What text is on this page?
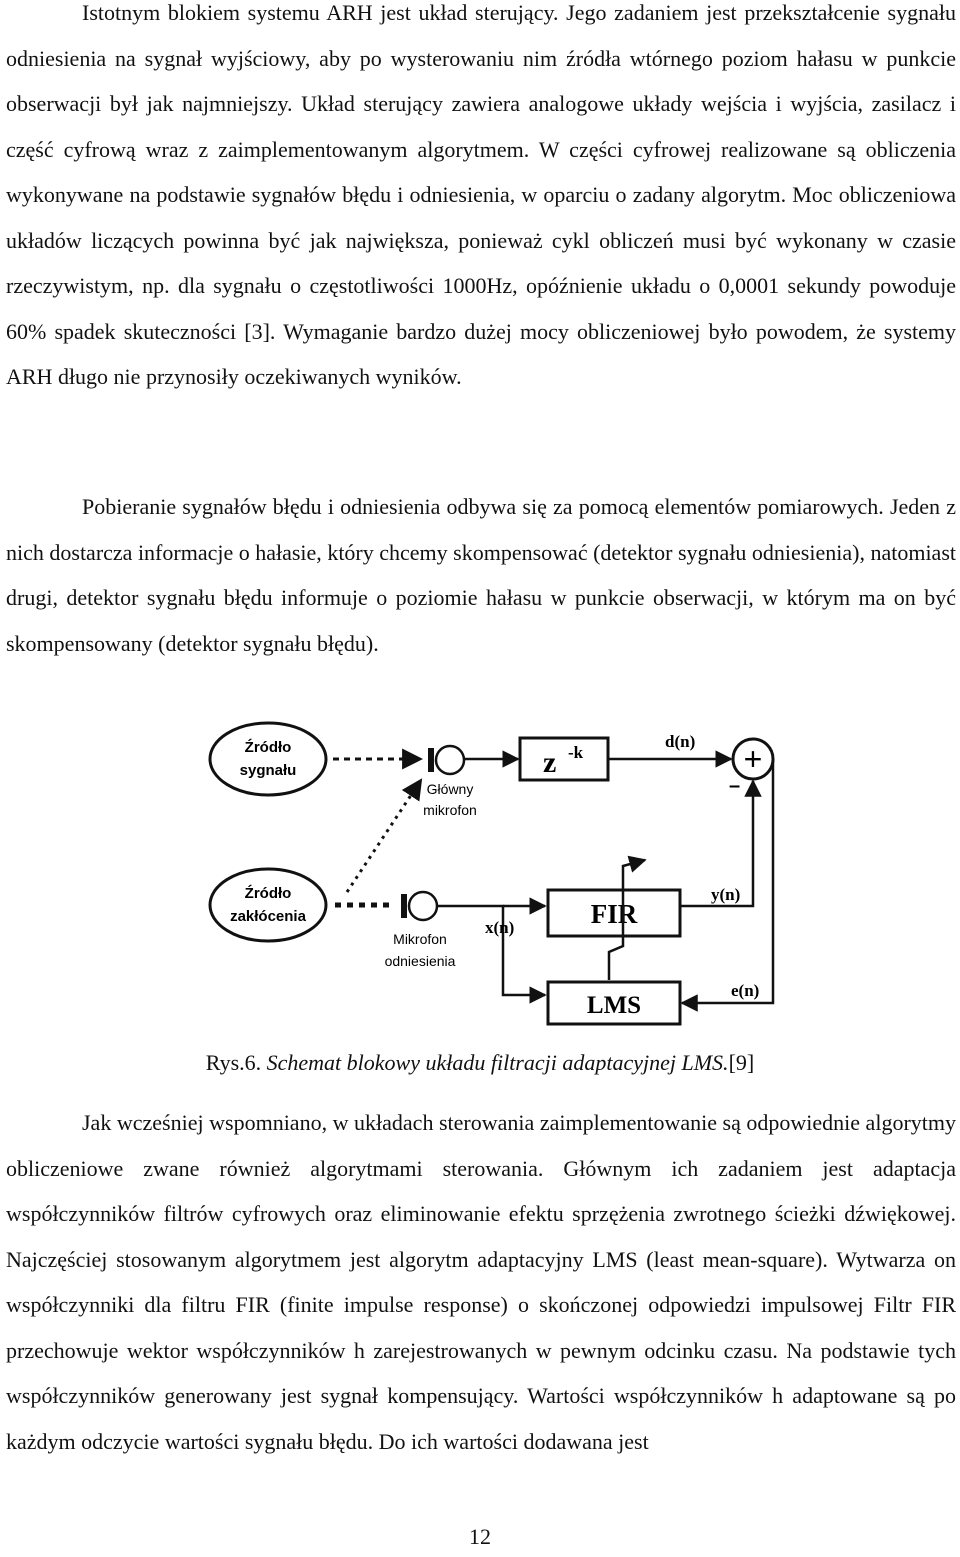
Istotnym blokiem systemu ARH jest układ sterujący. Jego zadaniem jest przekształcenie sygnału odniesienia na sygnał wyjściowy, aby po wysterowaniu nim źródła wtórnego poziom hałasu w punkcie obserwacji był jak najmniejszy. Układ sterujący zawiera analogowe układy wejścia i wyjścia, zasilacz i część cyfrową wraz z zaimplementowanym algorytmem. W części cyfrowej realizowane są obliczenia wykonywane na podstawie sygnałów błędu i odniesienia, w oparciu o zadany algorytm. Moc obliczeniowa układów liczących powinna być jak największa, ponieważ cykl obliczeń musi być wykonany w czasie rzeczywistym, np. dla sygnału o częstotliwości 1000Hz, opóźnienie układu o 0,0001 sekundy powoduje 60% spadek skuteczności [3]. Wymaganie bardzo dużej mocy obliczeniowej było powodem, że systemy ARH długo nie przynosiły oczekiwanych wyników.

Pobieranie sygnałów błędu i odniesienia odbywa się za pomocą elementów pomiarowych. Jeden z nich dostarcza informacje o hałasie, który chcemy skompensować (detektor sygnału odniesienia), natomiast drugi, detektor sygnału błędu informuje o poziomie hałasu w punkcie obserwacji, w którym ma on być skompensowany (detektor sygnału błędu).

Źródło
sygnału
Źródło
zakłócenia
Główny
mikrofon
Mikrofon
odniesienia
z -k
FIR
LMS
+
–
d(n)
y(n)
x(n)
e(n)
Rys.6. Schemat blokowy układu filtracji adaptacyjnej LMS.[9]

Jak wcześniej wspomniano, w układach sterowania zaimplementowanie są odpowiednie algorytmy obliczeniowe zwane również algorytmami sterowania. Głównym ich zadaniem jest adaptacja współczynników filtrów cyfrowych oraz eliminowanie efektu sprzężenia zwrotnego ścieżki dźwiękowej. Najczęściej stosowanym algorytmem jest algorytm adaptacyjny LMS (least mean-square). Wytwarza on współczynniki dla filtru FIR (finite impulse response) o skończonej odpowiedzi impulsowej Filtr FIR przechowuje wektor współczynników h zarejestrowanych w pewnym odcinku czasu. Na podstawie tych współczynników generowany jest sygnał kompensujący. Wartości współczynników h adaptowane są po każdym odczycie wartości sygnału błędu. Do ich wartości dodawana jest

12
